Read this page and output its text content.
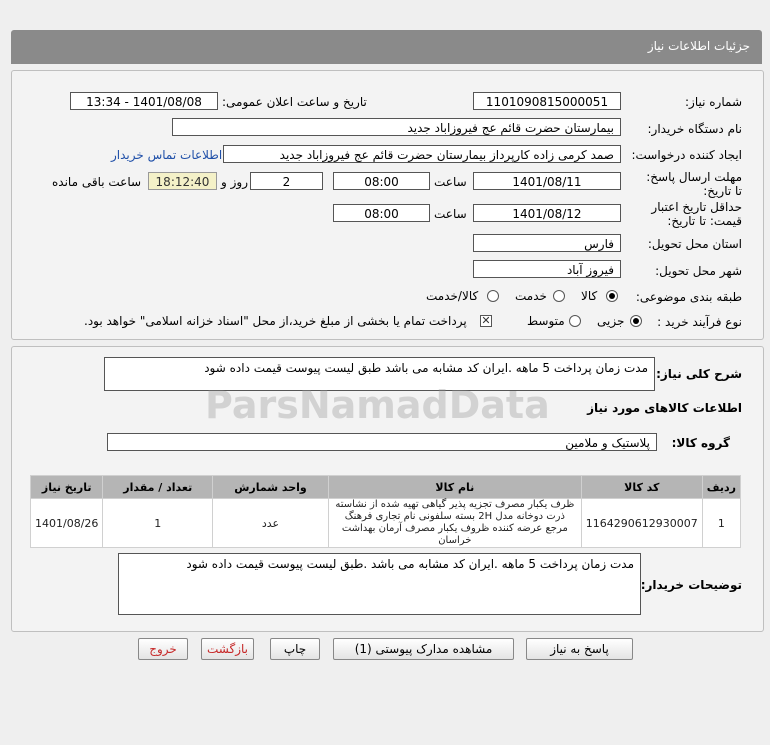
جزئیات اطلاعات نیاز
شماره نیاز:
1101090815000051
تاریخ و ساعت اعلان عمومی:
1401/08/08 - 13:34
نام دستگاه خریدار:
بیمارستان حضرت قائم عج فیروزاباد جدید
ایجاد کننده درخواست:
صمد کرمی زاده کارپرداز بیمارستان حضرت قائم عج فیروزاباد جدید
اطلاعات تماس خریدار
مهلت ارسال پاسخ: تا تاریخ:
1401/08/11
ساعت
08:00
2
روز و
18:12:40
ساعت باقی مانده
حداقل تاریخ اعتبار قیمت: تا تاریخ:
1401/08/12
ساعت
08:00
استان محل تحویل:
فارس
شهر محل تحویل:
فیروز آباد
طبقه بندی موضوعی:
کالا
خدمت
کالا/خدمت
نوع فرآیند خرید :
جزیی
متوسط
✕
پرداخت تمام یا بخشی از مبلغ خرید،از محل "اسناد خزانه اسلامی" خواهد بود.
شرح کلی نیاز:
مدت زمان پرداخت 5 ماهه .ایران کد مشابه می باشد طبق لیست پیوست قیمت داده شود
اطلاعات کالاهای مورد نیاز
گروه کالا:
پلاستیک و ملامین
ردیف	کد کالا	نام کالا	واحد شمارش	تعداد / مقدار	تاریخ نیاز
1	1164290612930007	ظرف یکبار مصرف تجزیه پذیر گیاهی تهیه شده از نشاسته ذرت دوخانه مدل 2H بسته سلفونی نام تجاری فرهنگ مرجع عرضه کننده ظروف یکبار مصرف آرمان بهداشت خراسان	عدد	1	1401/08/26
توضیحات خریدار:
مدت زمان پرداخت 5 ماهه .ایران کد مشابه می باشد .طبق لیست پیوست قیمت داده شود
پاسخ به نیاز
مشاهده مدارک پیوستی (1)
چاپ
بازگشت
خروج
ParsNamadData
